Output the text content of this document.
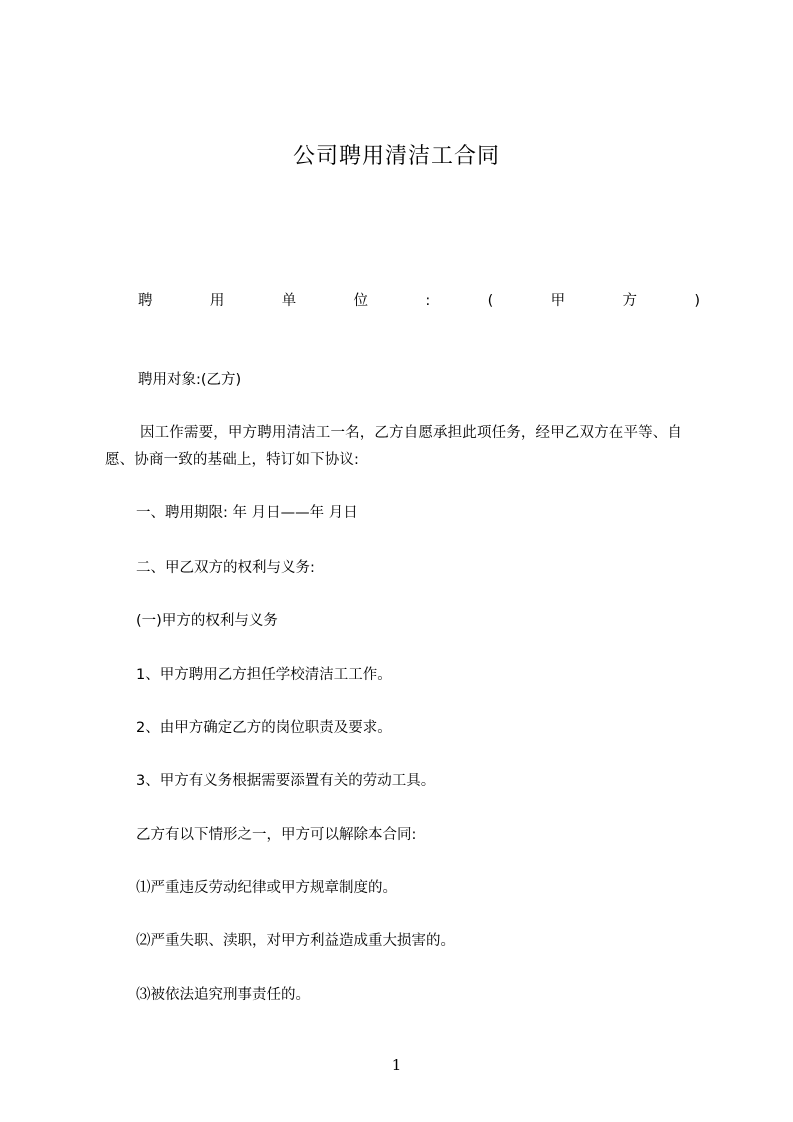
公司聘用清洁工合同
聘	用	单	位	:	(	甲	方	)
聘用对象:(乙方)
因工作需要，甲方聘用清洁工一名，乙方自愿承担此项任务，经甲乙双方在平等、自愿、协商一致的基础上，特订如下协议:
一、聘用期限: 年 月日——年 月日
二、甲乙双方的权利与义务:
(一)甲方的权利与义务
1、甲方聘用乙方担任学校清洁工工作。
2、由甲方确定乙方的岗位职责及要求。
3、甲方有义务根据需要添置有关的劳动工具。
乙方有以下情形之一，甲方可以解除本合同:
⑴严重违反劳动纪律或甲方规章制度的。
⑵严重失职、渎职，对甲方利益造成重大损害的。
⑶被依法追究刑事责任的。
1
